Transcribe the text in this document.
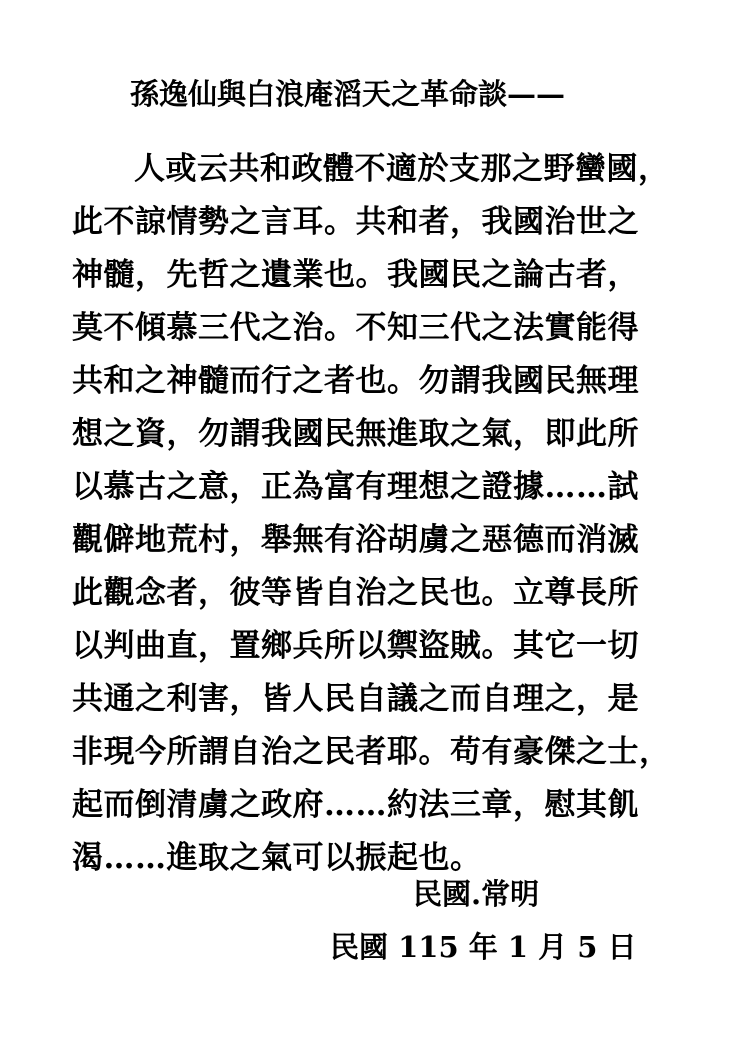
孫逸仙與白浪庵滔天之革命談——
人或云共和政體不適於支那之野蠻國，
此不諒情勢之言耳。共和者，我國治世之
神髓，先哲之遺業也。我國民之論古者，
莫不傾慕三代之治。不知三代之法實能得
共和之神髓而行之者也。勿謂我國民無理
想之資，勿謂我國民無進取之氣，即此所
以慕古之意，正為富有理想之證據……試
觀僻地荒村，舉無有浴胡虜之惡德而消滅
此觀念者，彼等皆自治之民也。立尊長所
以判曲直，置鄉兵所以禦盜賊。其它一切
共通之利害，皆人民自議之而自理之，是
非現今所謂自治之民者耶。苟有豪傑之士，
起而倒清虜之政府……約法三章，慰其飢
渴……進取之氣可以振起也。
民國.常明
民國 115 年 1 月 5 日
